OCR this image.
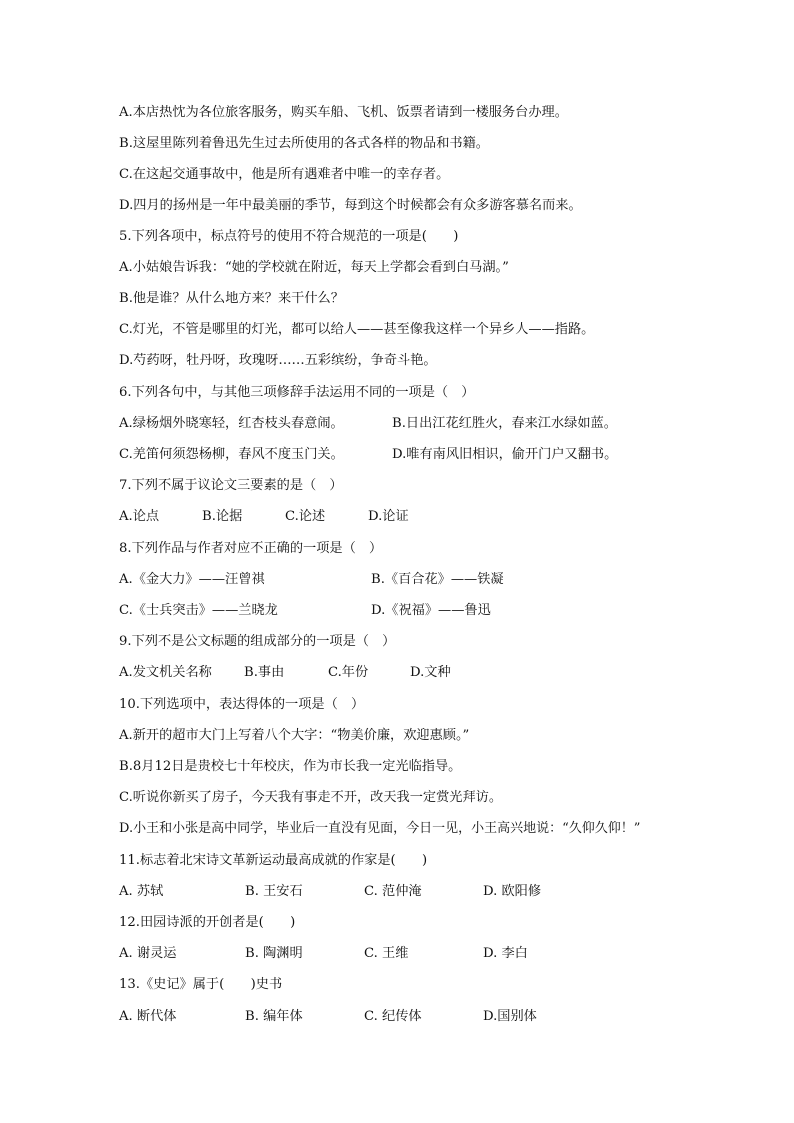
A.本店热忱为各位旅客服务，购买车船、飞机、饭票者请到一楼服务台办理。
B.这屋里陈列着鲁迅先生过去所使用的各式各样的物品和书籍。
C.在这起交通事故中，他是所有遇难者中唯一的幸存者。
D.四月的扬州是一年中最美丽的季节，每到这个时候都会有众多游客慕名而来。
5.下列各项中，标点符号的使用不符合规范的一项是(　　)
A.小姑娘告诉我：“她的学校就在附近，每天上学都会看到白马湖。”
B.他是谁？从什么地方来？来干什么？
C.灯光，不管是哪里的灯光，都可以给人——甚至像我这样一个异乡人——指路。
D.芍药呀，牡丹呀，玫瑰呀……五彩缤纷，争奇斗艳。
6.下列各句中，与其他三项修辞手法运用不同的一项是（　）
A.绿杨烟外晓寒轻，红杏枝头春意闹。	B.日出江花红胜火，春来江水绿如蓝。
C.羌笛何须怨杨柳，春风不度玉门关。	D.唯有南风旧相识，偷开门户又翻书。
7.下列不属于议论文三要素的是（　）
A.论点	B.论据	C.论述	D.论证
8.下列作品与作者对应不正确的一项是（　）
A.《金大力》——汪曾祺	B.《百合花》——铁凝
C.《士兵突击》——兰晓龙	D.《祝福》——鲁迅
9.下列不是公文标题的组成部分的一项是（　）
A.发文机关名称 B.事由	C.年份	D.文种
10.下列选项中，表达得体的一项是（　）
A.新开的超市大门上写着八个大字：“物美价廉，欢迎惠顾。”
B.8月12日是贵校七十年校庆，作为市长我一定光临指导。
C.听说你新买了房子，今天我有事走不开，改天我一定赏光拜访。
D.小王和小张是高中同学，毕业后一直没有见面，今日一见，小王高兴地说：“久仰久仰！”
11.标志着北宋诗文革新运动最高成就的作家是(　　)
A. 苏轼	B. 王安石	C. 范仲淹	D. 欧阳修
12.田园诗派的开创者是(　　)
A. 谢灵运	B. 陶渊明	C. 王维	D. 李白
13.《史记》属于(　　)史书
A. 断代体	B. 编年体	C. 纪传体	D.国别体
